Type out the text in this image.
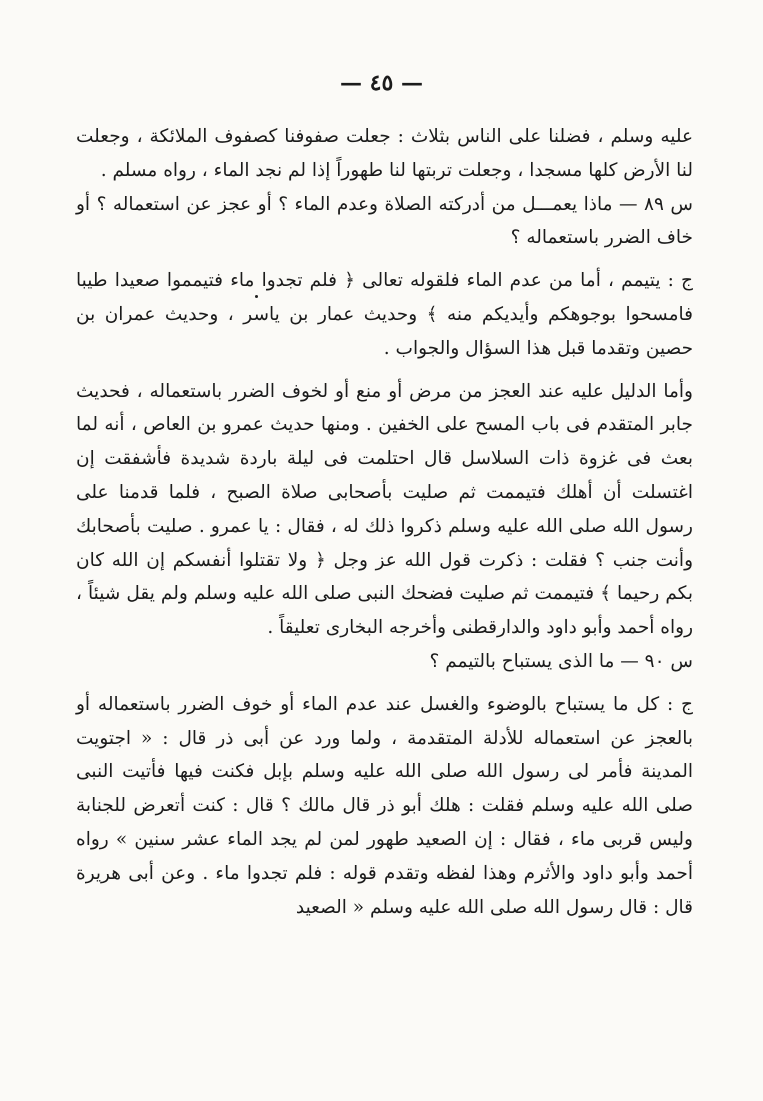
— ٤٥ —

عليه وسلم ، فضلنا على الناس بثلاث : جعلت صفوفنا كصفوف الملائكة ، وجعلت لنا الأرض كلها مسجدا ، وجعلت تربتها لنا طهوراً إذا لم نجد الماء ، رواه مسلم .

س ٨٩ — ماذا يعمـــل من أدركته الصلاة وعدم الماء ؟ أو عجز عن استعماله ؟ أو خاف الضرر باستعماله ؟

ج : يتيمم ، أما من عدم الماء فلقوله تعالى ﴿ فلم تجدوا ماء فتيمموا صعيدا طيبا فامسحوا بوجوهكم وأيديكم منه ﴾ وحديث عمار بن ياسر ، وحديث عمران بن حصين وتقدما قبل هذا السؤال والجواب .

وأما الدليل عليه عند العجز من مرض أو منع أو لخوف الضرر باستعماله ، فحديث جابر المتقدم فى باب المسح على الخفين . ومنها حديث عمرو بن العاص ، أنه لما بعث فى غزوة ذات السلاسل قال احتلمت فى ليلة باردة شديدة فأشفقت إن اغتسلت أن أهلك فتيممت ثم صليت بأصحابى صلاة الصبح ، فلما قدمنا على رسول الله صلى الله عليه وسلم ذكروا ذلك له ، فقال : يا عمرو . صليت بأصحابك وأنت جنب ؟ فقلت : ذكرت قول الله عز وجل ﴿ ولا تقتلوا أنفسكم إن الله كان بكم رحيما ﴾ فتيممت ثم صليت فضحك النبى صلى الله عليه وسلم ولم يقل شيئاً ، رواه أحمد وأبو داود والدارقطنى وأخرجه البخارى تعليقاً .

س ٩٠ — ما الذى يستباح بالتيمم ؟

ج : كل ما يستباح بالوضوء والغسل عند عدم الماء أو خوف الضرر باستعماله أو بالعجز عن استعماله للأدلة المتقدمة ، ولما ورد عن أبى ذر قال : « اجتويت المدينة فأمر لى رسول الله صلى الله عليه وسلم بإبل فكنت فيها فأتيت النبى صلى الله عليه وسلم فقلت : هلك أبو ذر قال مالك ؟ قال : كنت أتعرض للجنابة وليس قربى ماء ، فقال : إن الصعيد طهور لمن لم يجد الماء عشر سنين » رواه أحمد وأبو داود والأثرم وهذا لفظه وتقدم قوله : فلم تجدوا ماء . وعن أبى هريرة قال : قال رسول الله صلى الله عليه وسلم « الصعيد
